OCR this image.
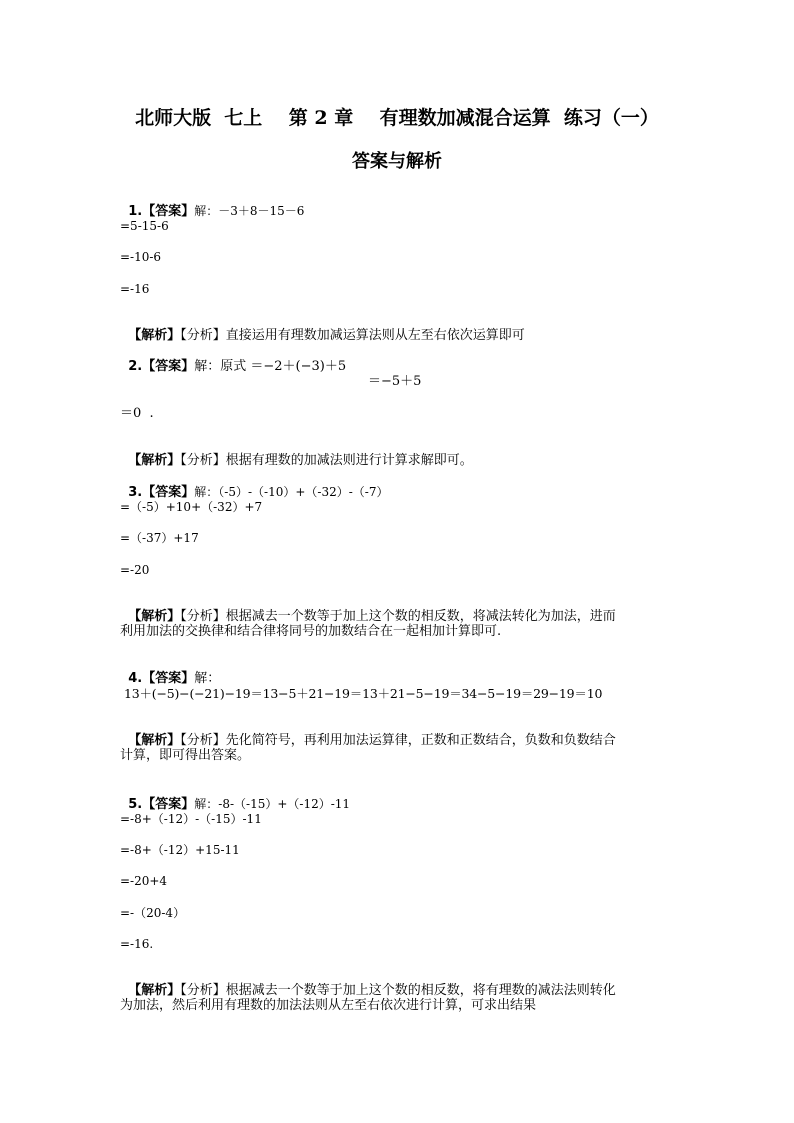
北师大版  七上    第 2 章    有理数加减混合运算  练习（一）
答案与解析

1.【答案】解：－3＋8－15－6

=5-15-6
=-10-6
=-16

【解析】【分析】直接运用有理数加减运算法则从左至右依次运算即可

2.【答案】解：原式 ＝−2＋(−3)＋5

＝−5＋5
＝0  .

【解析】【分析】根据有理数的加减法则进行计算求解即可。

3.【答案】解：（-5）-（-10）+（-32）-（-7）

=（-5）+10+（-32）+7
=（-37）+17
=-20

【解析】【分析】根据减去一个数等于加上这个数的相反数，将减法转化为加法，进而

利用加法的交换律和结合律将同号的加数结合在一起相加计算即可.

4.【答案】解：

13＋(−5)−(−21)−19＝13−5＋21−19＝13＋21−5−19＝34−5−19＝29−19＝10

【解析】【分析】先化简符号，再利用加法运算律，正数和正数结合，负数和负数结合

计算，即可得出答案。

5.【答案】解：-8-（-15）+（-12）-11

=-8+（-12）-（-15）-11
=-8+（-12）+15-11
=-20+4
=-（20-4）
=-16.

【解析】【分析】根据减去一个数等于加上这个数的相反数，将有理数的减法法则转化

为加法，然后利用有理数的加法法则从左至右依次进行计算，可求出结果
